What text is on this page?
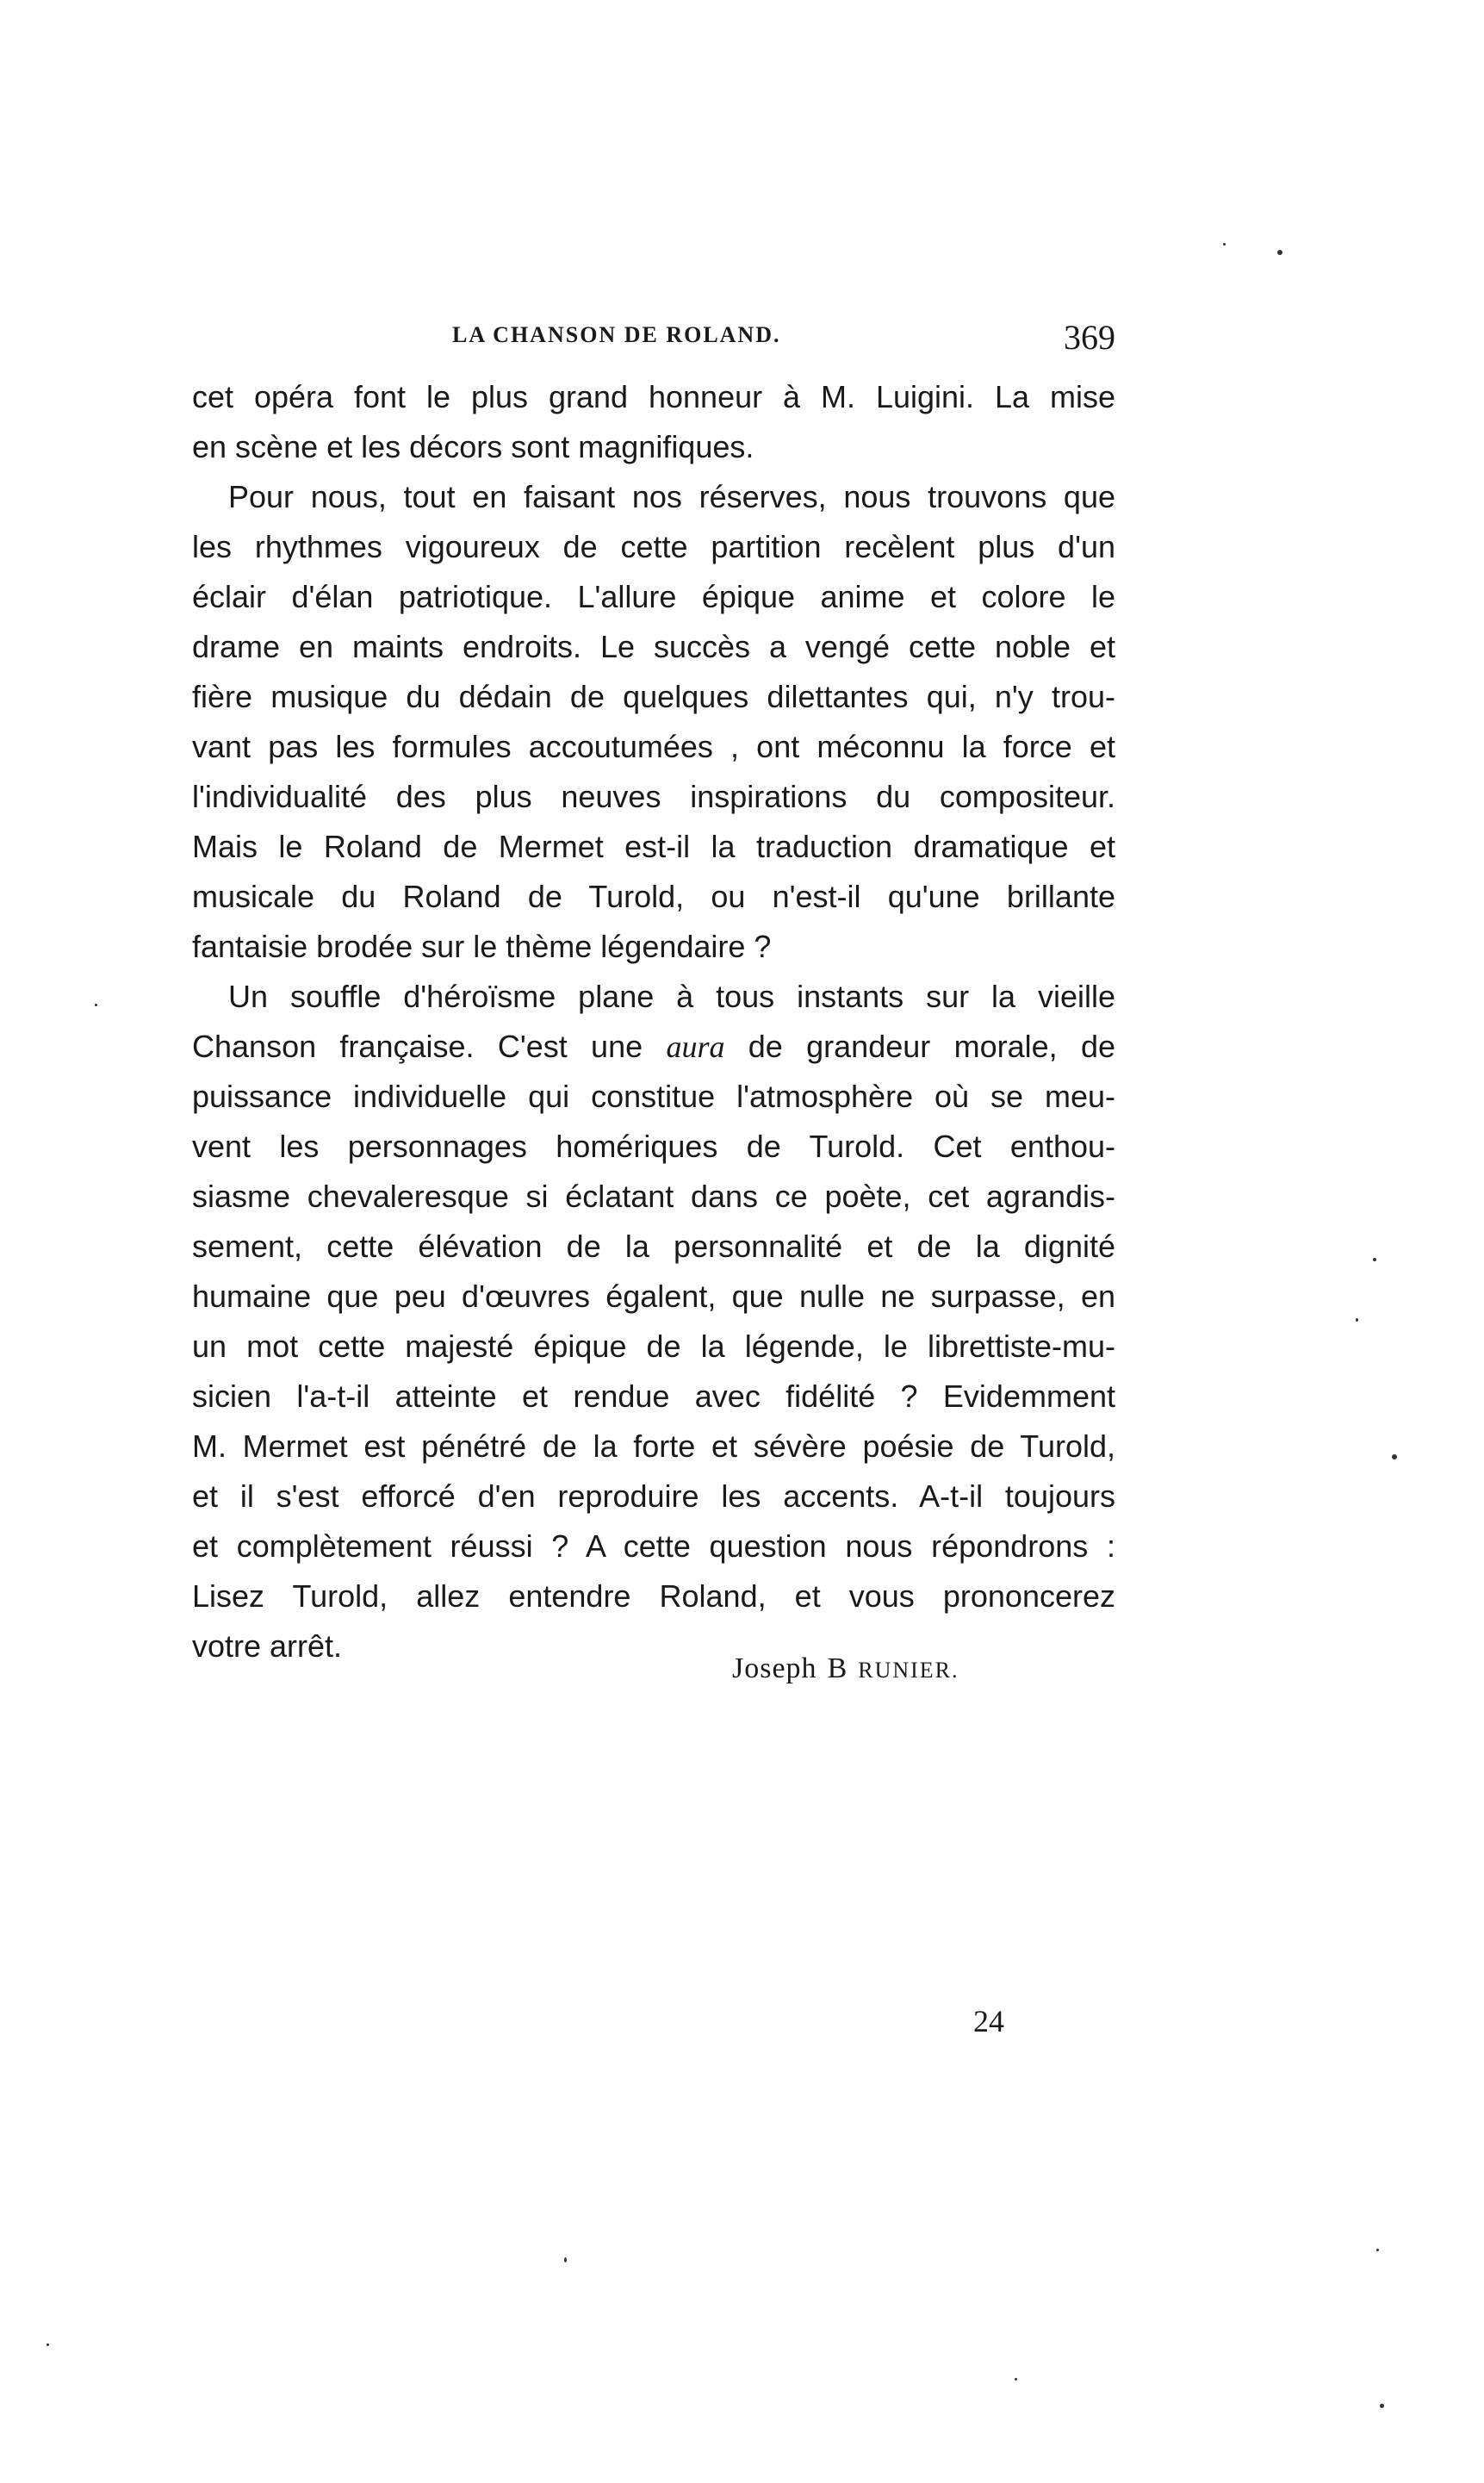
LA CHANSON DE ROLAND.	369
cet opéra font le plus grand honneur à M. Luigini. La mise
en scène et les décors sont magnifiques.
Pour nous, tout en faisant nos réserves, nous trouvons que
les rhythmes vigoureux de cette partition recèlent plus d'un
éclair d'élan patriotique. L'allure épique anime et colore le
drame en maints endroits. Le succès a vengé cette noble et
fière musique du dédain de quelques dilettantes qui, n'y trou-
vant pas les formules accoutumées , ont méconnu la force et
l'individualité des plus neuves inspirations du compositeur.
Mais le Roland de Mermet est-il la traduction dramatique et
musicale du Roland de Turold, ou n'est-il qu'une brillante
fantaisie brodée sur le thème légendaire ?
Un souffle d'héroïsme plane à tous instants sur la vieille
Chanson française. C'est une aura de grandeur morale, de
puissance individuelle qui constitue l'atmosphère où se meu-
vent les personnages homériques de Turold. Cet enthou-
siasme chevaleresque si éclatant dans ce poète, cet agrandis-
sement, cette élévation de la personnalité et de la dignité
humaine que peu d'œuvres égalent, que nulle ne surpasse, en
un mot cette majesté épique de la légende, le librettiste-mu-
sicien l'a-t-il atteinte et rendue avec fidélité ? Evidemment
M. Mermet est pénétré de la forte et sévère poésie de Turold,
et il s'est efforcé d'en reproduire les accents. A-t-il toujours
et complètement réussi ? A cette question nous répondrons :
Lisez Turold, allez entendre Roland, et vous prononcerez
votre arrêt.
Joseph B RUNIER.
24
